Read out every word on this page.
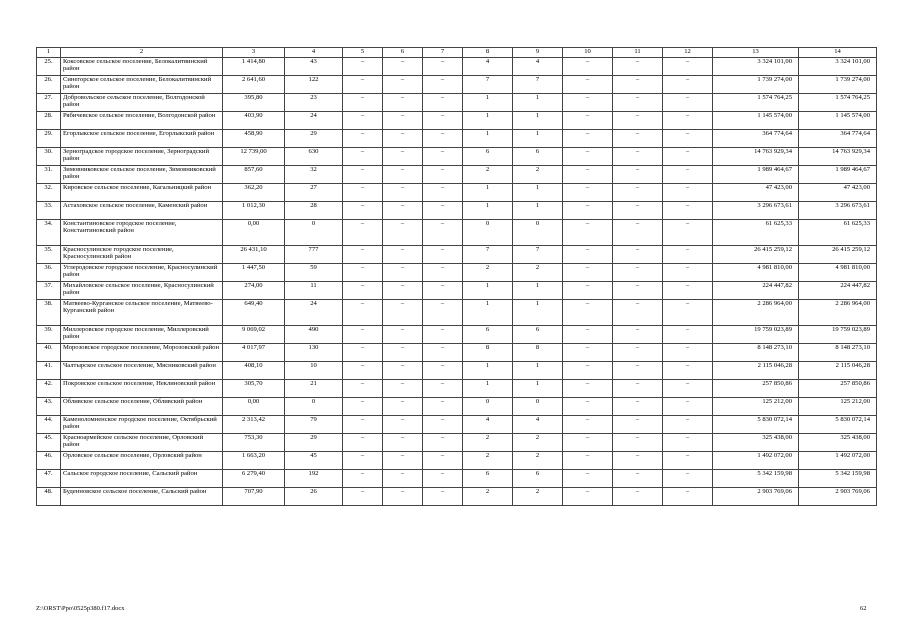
1	2	3	4	5	6	7	8	9	10	11	12	13	14
25.	Коксовское сельское поселение, Белокалитвинский район	1 414,80	43	–	–	–	4	4	–	–	–	3 324 101,00	3 324 101,00
26.	Синегорское сельское поселение, Белокалитвинский район	2 641,60	122	–	–	–	7	7	–	–	–	1 739 274,00	1 739 274,00
27.	Добровольское сельское поселение, Волгодонской район	395,80	23	–	–	–	1	1	–	–	–	1 574 764,25	1 574 764,25
28.	Рябичевское сельское поселение, Волгодонской район	403,90	24	–	–	–	1	1	–	–	–	1 145 574,00	1 145 574,00
29.	Егорлыкское сельское поселение, Егорлыкский район	458,90	29	–	–	–	1	1	–	–	–	364 774,64	364 774,64
30.	Зерноградское городское поселение, Зерноградский район	12 739,00	630	–	–	–	6	6	–	–	–	14 763 929,34	14 763 929,34
31.	Зимовниковское сельское поселение, Зимовниковский район	857,60	32	–	–	–	2	2	–	–	–	1 989 464,67	1 989 464,67
32.	Кировское сельское поселение, Кагальницкий район	362,20	27	–	–	–	1	1	–	–	–	47 423,00	47 423,00
33.	Астаховское сельское поселение, Каменский район	1 012,30	28	–	–	–	1	1	–	–	–	3 296 673,61	3 296 673,61
34.	Константиновское городское поселение, Константиновский район	0,00	0	–	–	–	0	0	–	–	–	61 625,33	61 625,33
35.	Красносулинское городское поселение, Красносулинский район	26 431,10	777	–	–	–	7	7	–	–	–	26 415 259,12	26 415 259,12
36.	Углеродовское городское поселение, Красносулинский район	1 447,50	59	–	–	–	2	2	–	–	–	4 981 810,00	4 981 810,00
37.	Михайловское сельское поселение, Красносулинский район	274,00	11	–	–	–	1	1	–	–	–	224 447,82	224 447,82
38.	Матвеево-Курганское сельское поселение, Матвеево-Курганский район	649,40	24	–	–	–	1	1	–	–	–	2 286 964,00	2 286 964,00
39.	Миллеровское городское поселение, Миллеровский район	9 069,02	490	–	–	–	6	6	–	–	–	19 759 023,89	19 759 023,89
40.	Морозовское городское поселение, Морозовский район	4 017,97	130	–	–	–	8	8	–	–	–	8 148 273,10	8 148 273,10
41.	Чалтырское сельское поселение, Мясниковский район	408,10	10	–	–	–	1	1	–	–	–	2 115 046,28	2 115 046,28
42.	Покровское сельское поселение, Неклиновский район	305,70	21	–	–	–	1	1	–	–	–	257 850,86	257 850,86
43.	Обливское сельское поселение, Обливский район	0,00	0	–	–	–	0	0	–	–	–	125 212,00	125 212,00
44.	Каменоломненское городское поселение, Октябрьский район	2 313,42	79	–	–	–	4	4	–	–	–	5 830 072,14	5 830 072,14
45.	Красноармейское сельское поселение, Орловский район	753,30	29	–	–	–	2	2	–	–	–	325 438,00	325 438,00
46.	Орловское сельское поселение, Орловский район	1 663,20	45	–	–	–	2	2	–	–	–	1 492 072,00	1 492 072,00
47.	Сальское городское поселение, Сальский район	6 279,40	192	–	–	–	6	6	–	–	–	5 342 159,98	5 342 159,98
48.	Буденновское сельское поселение, Сальский район	707,90	26	–	–	–	2	2	–	–	–	2 903 769,06	2 903 769,06
Z:\ORST\Ppo\0525p380.f17.docx	62
